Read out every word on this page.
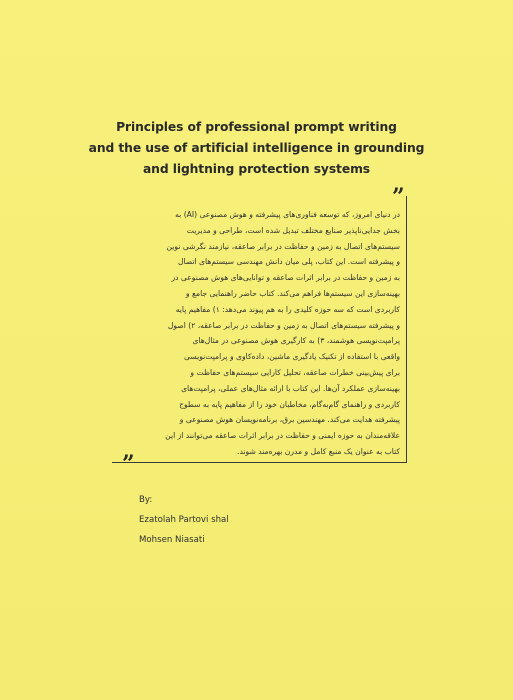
Principles of professional prompt writing
and the use of artificial intelligence in grounding
and lightning protection systems
”
در دنیای امروز، که توسعه فناوری‌های پیشرفته و هوش مصنوعی (AI) به
بخش جدایی‌ناپذیر صنایع مختلف تبدیل شده است، طراحی و مدیریت
سیستم‌های اتصال به زمین و حفاظت در برابر صاعقه، نیازمند نگرشی نوین
و پیشرفته است. این کتاب، پلی میان دانش مهندسی سیستم‌های اتصال
به زمین و حفاظت در برابر اثرات صاعقه و توانایی‌های هوش مصنوعی در
بهینه‌سازی این سیستم‌ها فراهم می‌کند. کتاب حاضر راهنمایی جامع و
کاربردی است که سه حوزه کلیدی را به هم پیوند می‌دهد: ۱) مفاهیم پایه
و پیشرفته سیستم‌های اتصال به زمین و حفاظت در برابر صاعقه، ۲) اصول
پرامپت‌نویسی هوشمند، ۳) به کارگیری هوش مصنوعی در مثال‌های
واقعی با استفاده از تکنیک یادگیری ماشین، داده‌کاوی و پرامپت‌نویسی
برای پیش‌بینی خطرات صاعقه، تحلیل کارایی سیستم‌های حفاظت و
بهینه‌سازی عملکرد آن‌ها. این کتاب با ارائه مثال‌های عملی، پرامپت‌های
کاربردی و راهنمای گام‌به‌گام، مخاطبان خود را از مفاهیم پایه به سطوح
پیشرفته هدایت می‌کند. مهندسین برق، برنامه‌نویسان هوش مصنوعی و
علاقه‌مندان به حوزه ایمنی و حفاظت در برابر اثرات صاعقه می‌توانند از این
کتاب به عنوان یک منبع کامل و مدرن بهره‌مند شوند.
”
By:
Ezatolah Partovi shal
Mohsen Niasati
